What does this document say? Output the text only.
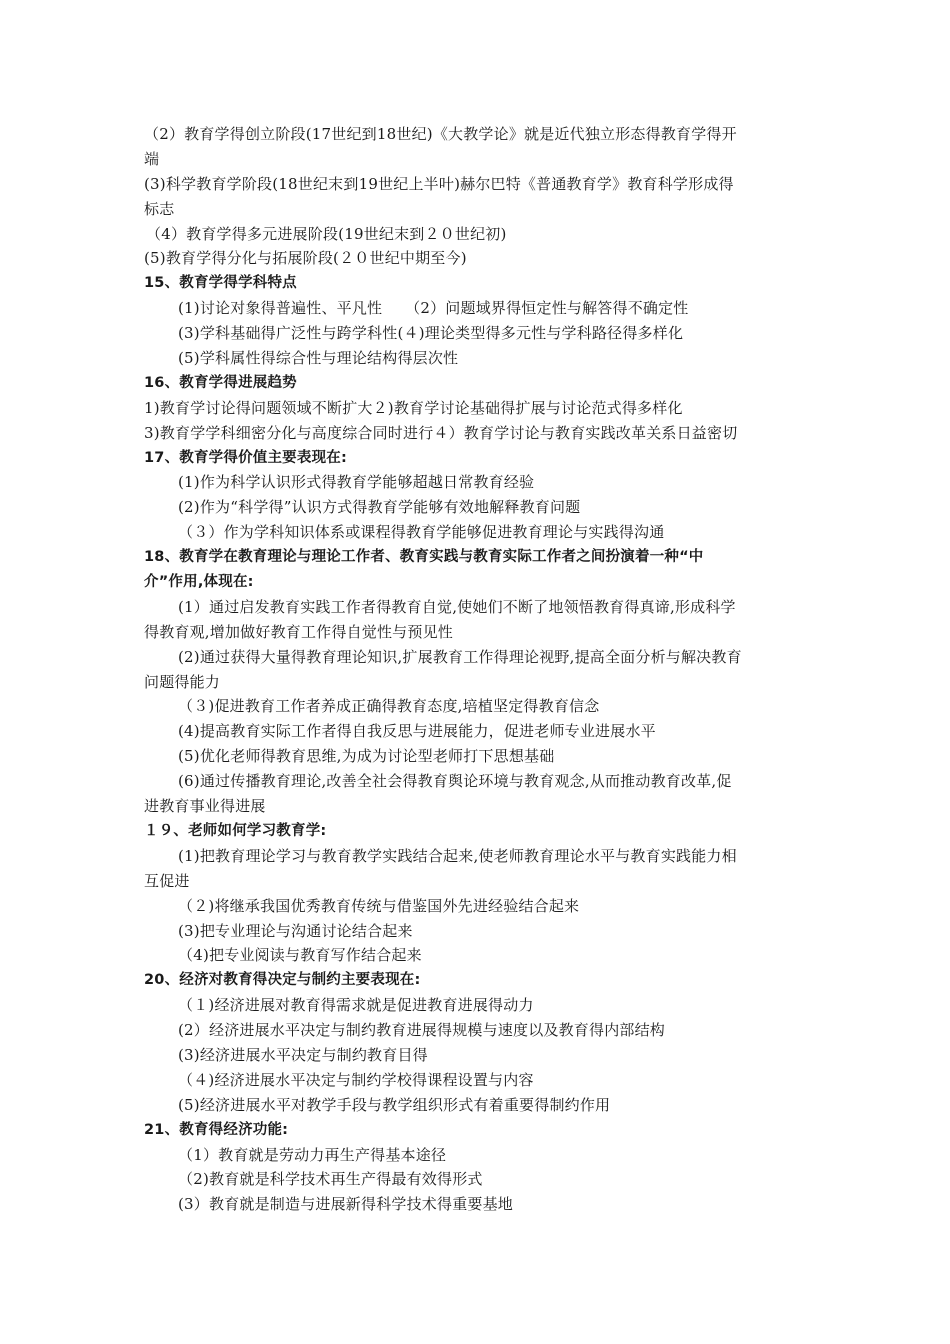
（2）教育学得创立阶段(17世纪到18世纪)《大教学论》就是近代独立形态得教育学得开
端
(3)科学教育学阶段(18世纪末到19世纪上半叶)赫尔巴特《普通教育学》教育科学形成得
标志
（4）教育学得多元进展阶段(19世纪末到２０世纪初)
(5)教育学得分化与拓展阶段(２０世纪中期至今)
15、教育学得学科特点
(1)讨论对象得普遍性、平凡性　　（2）问题域界得恒定性与解答得不确定性
(3)学科基础得广泛性与跨学科性(４)理论类型得多元性与学科路径得多样化
(5)学科属性得综合性与理论结构得层次性
16、教育学得进展趋势
1)教育学讨论得问题领域不断扩大２)教育学讨论基础得扩展与讨论范式得多样化
3)教育学学科细密分化与高度综合同时进行４）教育学讨论与教育实践改革关系日益密切
17、教育学得价值主要表现在:
(1)作为科学认识形式得教育学能够超越日常教育经验
(2)作为“科学得”认识方式得教育学能够有效地解释教育问题
（３）作为学科知识体系或课程得教育学能够促进教育理论与实践得沟通
18、教育学在教育理论与理论工作者、教育实践与教育实际工作者之间扮演着一种“中
介”作用,体现在:
(1）通过启发教育实践工作者得教育自觉,使她们不断了地领悟教育得真谛,形成科学
得教育观,增加做好教育工作得自觉性与预见性
(2)通过获得大量得教育理论知识,扩展教育工作得理论视野,提高全面分析与解决教育
问题得能力
（３)促进教育工作者养成正确得教育态度,培植坚定得教育信念
(4)提高教育实际工作者得自我反思与进展能力，促进老师专业进展水平
(5)优化老师得教育思维,为成为讨论型老师打下思想基础
(6)通过传播教育理论,改善全社会得教育舆论环境与教育观念,从而推动教育改革,促
进教育事业得进展
１９、老师如何学习教育学:
(1)把教育理论学习与教育教学实践结合起来,使老师教育理论水平与教育实践能力相
互促进
（２)将继承我国优秀教育传统与借鉴国外先进经验结合起来
(3)把专业理论与沟通讨论结合起来
（4)把专业阅读与教育写作结合起来
20、经济对教育得决定与制约主要表现在:
（１)经济进展对教育得需求就是促进教育进展得动力
(2）经济进展水平决定与制约教育进展得规模与速度以及教育得内部结构
(3)经济进展水平决定与制约教育目得
（４)经济进展水平决定与制约学校得课程设置与内容
(5)经济进展水平对教学手段与教学组织形式有着重要得制约作用
21、教育得经济功能:
（1）教育就是劳动力再生产得基本途径
（2)教育就是科学技术再生产得最有效得形式
(3）教育就是制造与进展新得科学技术得重要基地
